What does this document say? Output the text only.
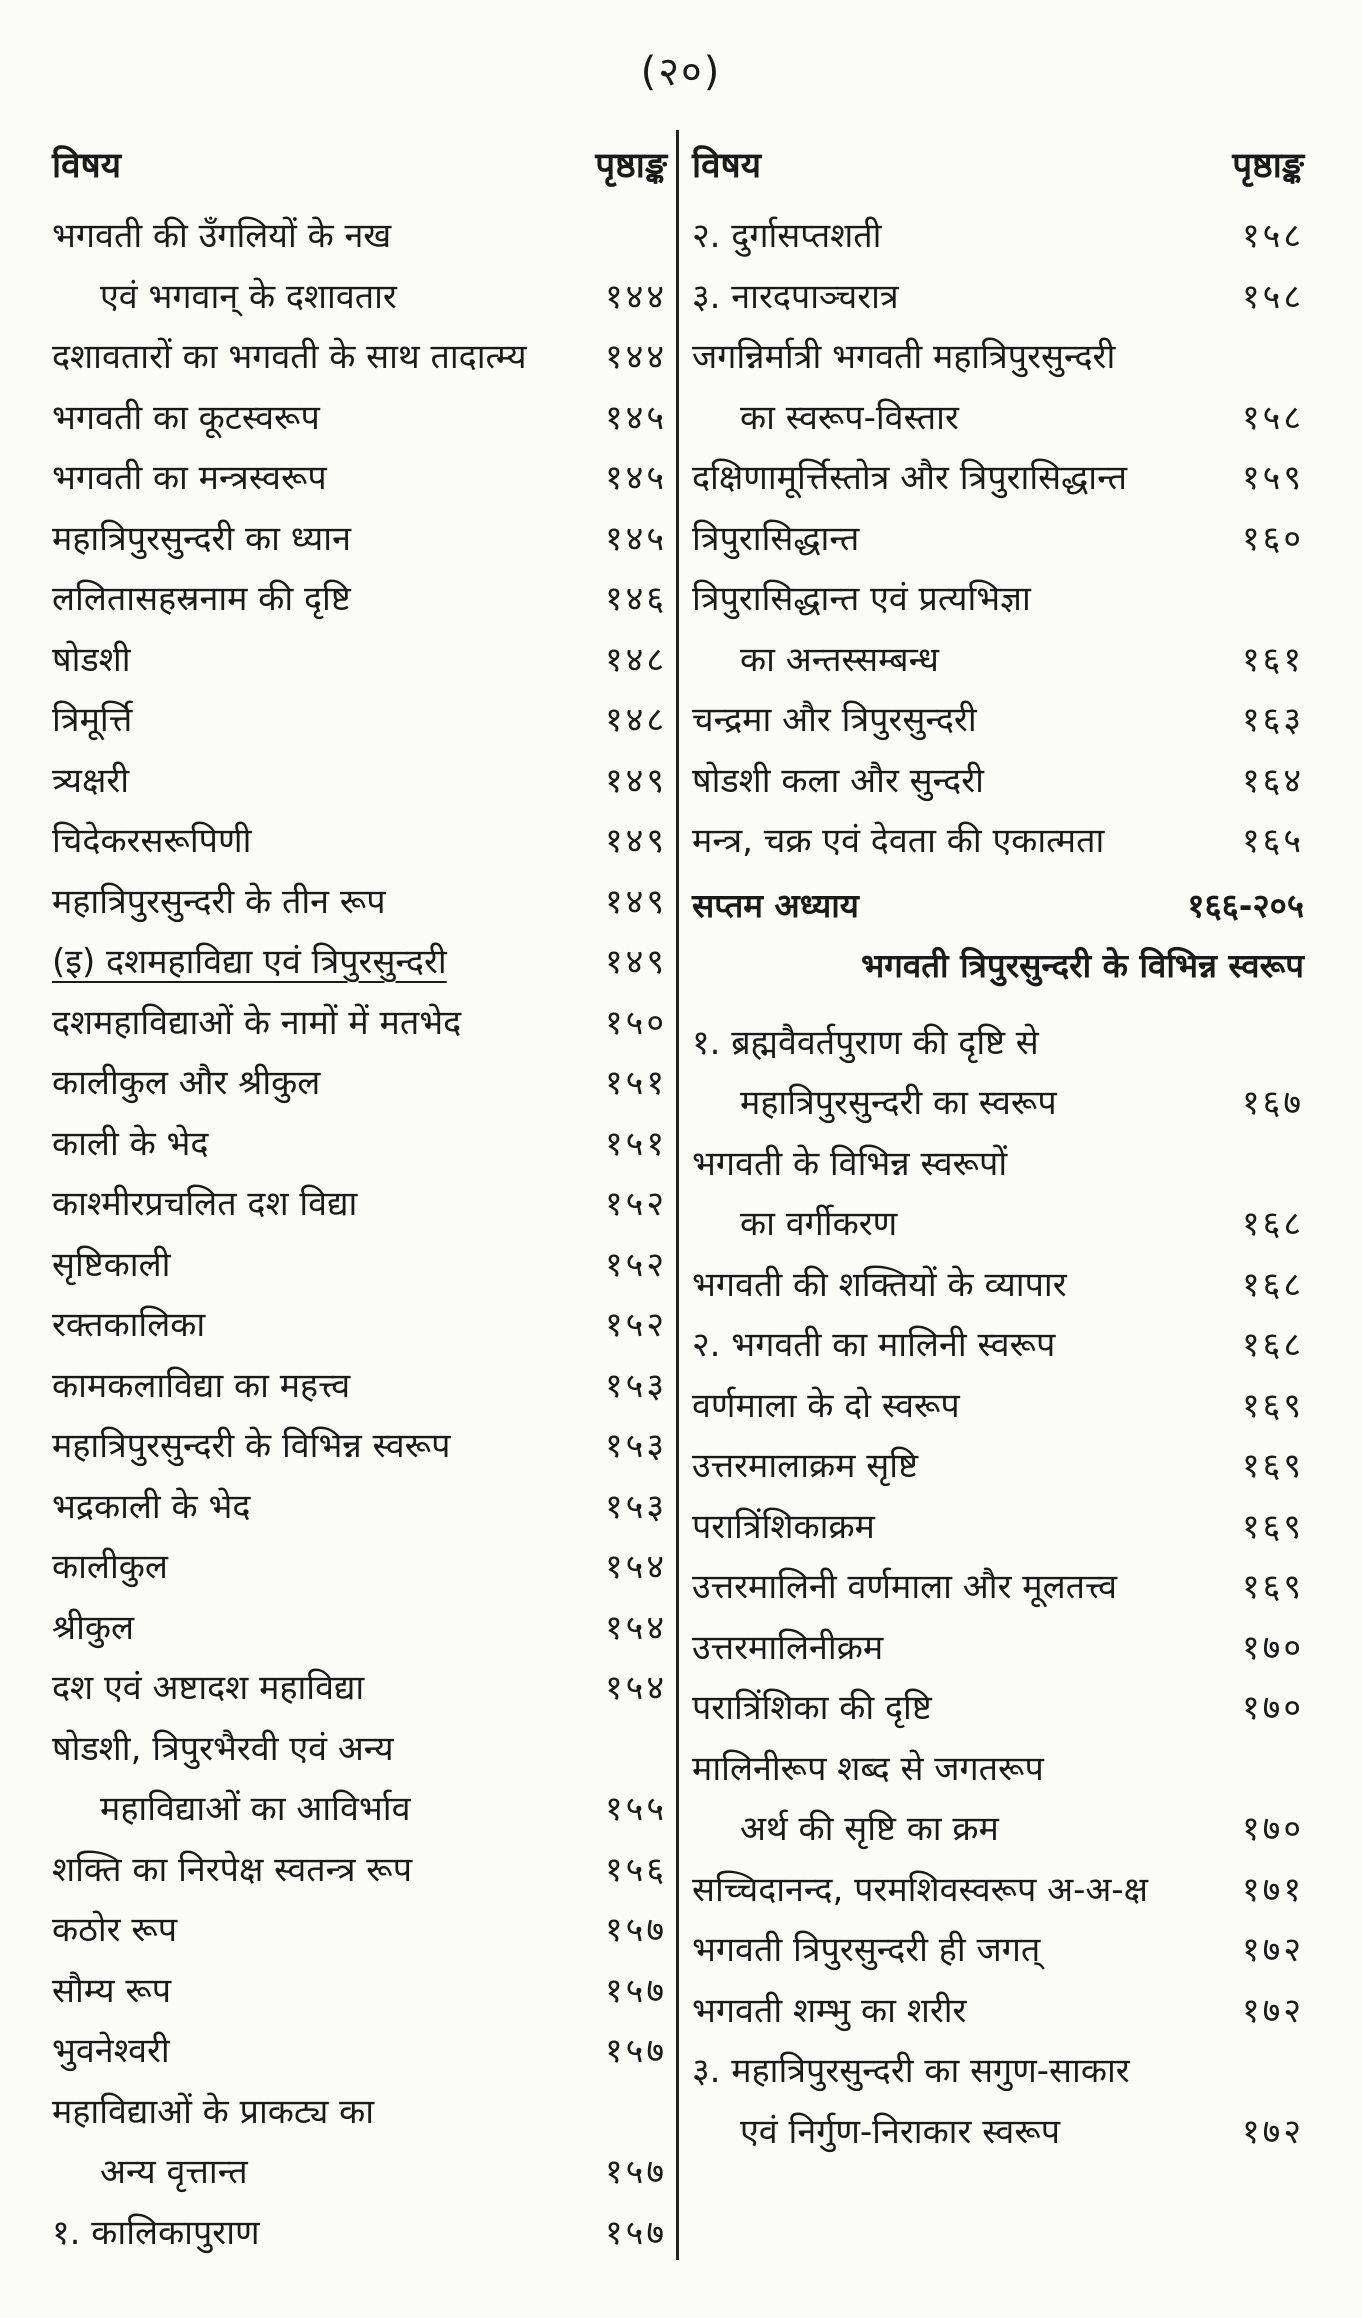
(२०)
विषय	पृष्ठाङ्क
भगवती की उँगलियों के नख
एवं भगवान् के दशावतार	१४४
दशावतारों का भगवती के साथ तादात्म्य १४४
भगवती का कूटस्वरूप	१४५
भगवती का मन्त्रस्वरूप	१४५
महात्रिपुरसुन्दरी का ध्यान	१४५
ललितासहस्रनाम की दृष्टि	१४६
षोडशी	१४८
त्रिमूर्त्ति	१४८
त्र्यक्षरी	१४९
चिदेकरसरूपिणी	१४९
महात्रिपुरसुन्दरी के तीन रूप	१४९
(इ) दशमहाविद्या एवं त्रिपुरसुन्दरी	१४९
दशमहाविद्याओं के नामों में मतभेद	१५०
कालीकुल और श्रीकुल	१५१
काली के भेद	१५१
काश्मीरप्रचलित दश विद्या	१५२
सृष्टिकाली	१५२
रक्तकालिका	१५२
कामकलाविद्या का महत्त्व	१५३
महात्रिपुरसुन्दरी के विभिन्न स्वरूप	१५३
भद्रकाली के भेद	१५३
कालीकुल	१५४
श्रीकुल	१५४
दश एवं अष्टादश महाविद्या	१५४
षोडशी, त्रिपुरभैरवी एवं अन्य
महाविद्याओं का आविर्भाव	१५५
शक्ति का निरपेक्ष स्वतन्त्र रूप	१५६
कठोर रूप	१५७
सौम्य रूप	१५७
भुवनेश्वरी	१५७
महाविद्याओं के प्राकट्य का
अन्य वृत्तान्त	१५७
१. कालिकापुराण	१५७
विषय	पृष्ठाङ्क
२. दुर्गासप्तशती	१५८
३. नारदपाञ्चरात्र	१५८
जगन्निर्मात्री भगवती महात्रिपुरसुन्दरी
का स्वरूप-विस्तार	१५८
दक्षिणामूर्त्तिस्तोत्र और त्रिपुरासिद्धान्त	१५९
त्रिपुरासिद्धान्त	१६०
त्रिपुरासिद्धान्त एवं प्रत्यभिज्ञा
का अन्तस्सम्बन्ध	१६१
चन्द्रमा और त्रिपुरसुन्दरी	१६३
षोडशी कला और सुन्दरी	१६४
मन्त्र, चक्र एवं देवता की एकात्मता	१६५
सप्तम अध्याय	१६६-२०५
भगवती त्रिपुरसुन्दरी के विभिन्न स्वरूप
१. ब्रह्मवैवर्तपुराण की दृष्टि से
महात्रिपुरसुन्दरी का स्वरूप	१६७
भगवती के विभिन्न स्वरूपों
का वर्गीकरण	१६८
भगवती की शक्तियों के व्यापार	१६८
२. भगवती का मालिनी स्वरूप	१६८
वर्णमाला के दो स्वरूप	१६९
उत्तरमालाक्रम सृष्टि	१६९
परात्रिंशिकाक्रम	१६९
उत्तरमालिनी वर्णमाला और मूलतत्त्व	१६९
उत्तरमालिनीक्रम	१७०
परात्रिंशिका की दृष्टि	१७०
मालिनीरूप शब्द से जगतरूप
अर्थ की सृष्टि का क्रम	१७०
सच्चिदानन्द, परमशिवस्वरूप अ-अ-क्ष	१७१
भगवती त्रिपुरसुन्दरी ही जगत्	१७२
भगवती शम्भु का शरीर	१७२
३. महात्रिपुरसुन्दरी का सगुण-साकार
एवं निर्गुण-निराकार स्वरूप	१७२
